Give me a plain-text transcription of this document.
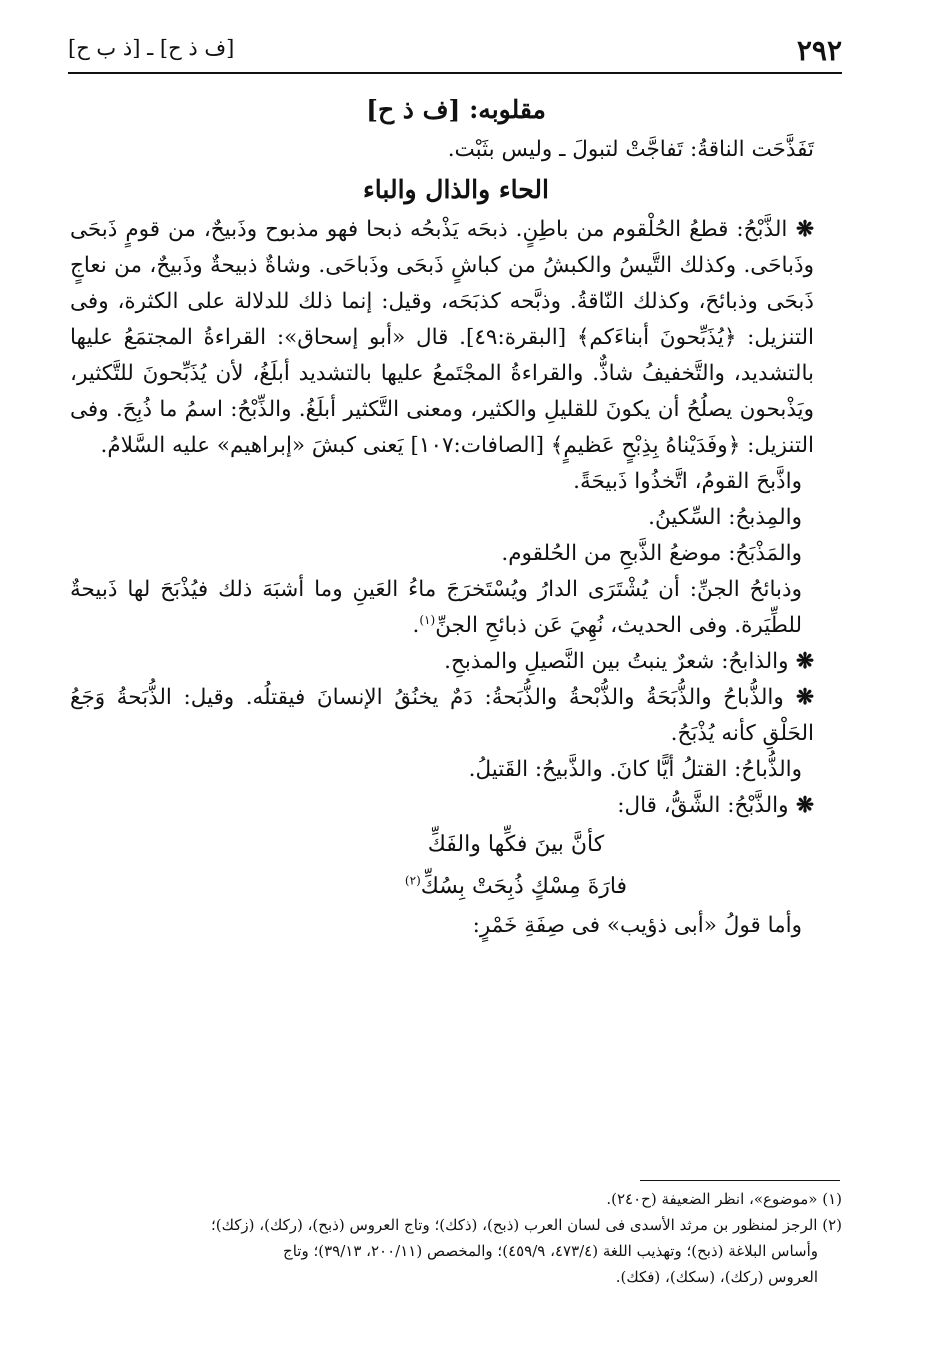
٢٩٢
[ف ذ ح] ـ [ذ ب ح]

مقلوبه: [ف ذ ح]

تَفَذَّحَت الناقةُ: تَفاجَّتْ لتبولَ ـ وليس بثَبْت.

الحاء والذال والباء

❋ الذَّبْحُ: قطعُ الحُلْقوم من باطِنٍ. ذبحَه يَذْبحُه ذبحا فهو مذبوح وذَبيحٌ، من قومٍ ذَبحَى وذَباحَى. وكذلك التَّيسُ والكبشُ من كباشٍ ذَبحَى وذَباحَى. وشاةٌ ذبيحةٌ وذَبيحٌ، من نعاجٍ ذَبحَى وذبائحَ، وكذلك النّاقةُ. وذبَّحه كذبَحَه، وقيل: إنما ذلك للدلالة على الكثرة، وفى التنزيل: ﴿يُذَبِّحونَ أبناءَكم﴾ [البقرة:٤٩]. قال «أبو إسحاق»: القراءةُ المجتمَعُ عليها بالتشديد، والتَّخفيفُ شاذٌّ. والقراءةُ المجْتَمعُ عليها بالتشديد أبلَغُ، لأن يُذَبِّحونَ للتَّكثير، ويَذْبحون يصلُحُ أن يكونَ للقليلِ والكثير، ومعنى التَّكثير أبلَغُ. والذِّبْحُ: اسمُ ما ذُبِحَ. وفى التنزيل: ﴿وفَدَيْناهُ بِذِبْحٍ عَظيمٍ﴾ [الصافات:١٠٧] يَعنى كبشَ «إبراهيم» عليه السَّلامُ.

واذَّبحَ القومُ، اتَّخذُوا ذَبيحَةً.

والمِذبحُ: السِّكينُ.

والمَذْبَحُ: موضعُ الذَّبحِ من الحُلقوم.

وذبائحُ الجنِّ: أن يُشْتَرَى الدارُ ويُسْتَخرَجَ ماءُ العَينِ وما أشبَهَ ذلك فيُذْبَحَ لها ذَبيحةٌ للطِّيَرة. وفى الحديث، نُهِيَ عَن ذبائحِ الجنِّ$^{(١)}$.

❋ والذابحُ: شعرٌ ينبتُ بين النَّصيلِ والمذبحِ.

❋ والذُّباحُ والذُّبَحَةُ والذُّبْحةُ والذُّبَحةُ: دَمٌ يخنُقُ الإنسانَ فيقتلُه. وقيل: الذُّبَحةُ وَجَعُ الحَلْقِ كأنه يُذْبَحُ.

والذُّباحُ: القتلُ أيًّا كانَ. والذَّبيحُ: القَتيلُ.

❋ والذَّبْحُ: الشَّقُّ، قال:

كأنَّ بينَ فكِّها والفَكِّ

فارَةَ مِسْكٍ ذُبِحَتْ بِسُكِّ$^{(٢)}$

وأما قولُ «أبى ذؤيب» فى صِفَةِ خَمْرٍ:

(١) «موضوع»، انظر الضعيفة (ح٢٤٠).

(٢) الرجز لمنظور بن مرثد الأسدى فى لسان العرب (ذبح)، (ذكك)؛ وتاج العروس (ذبح)، (ركك)، (زكك)؛

وأساس البلاغة (ذبح)؛ وتهذيب اللغة (٤٧٣/٤، ٤٥٩/٩)؛ والمخصص (٢٠٠/١١، ٣٩/١٣)؛ وتاج

العروس (ركك)، (سكك)، (فكك).
